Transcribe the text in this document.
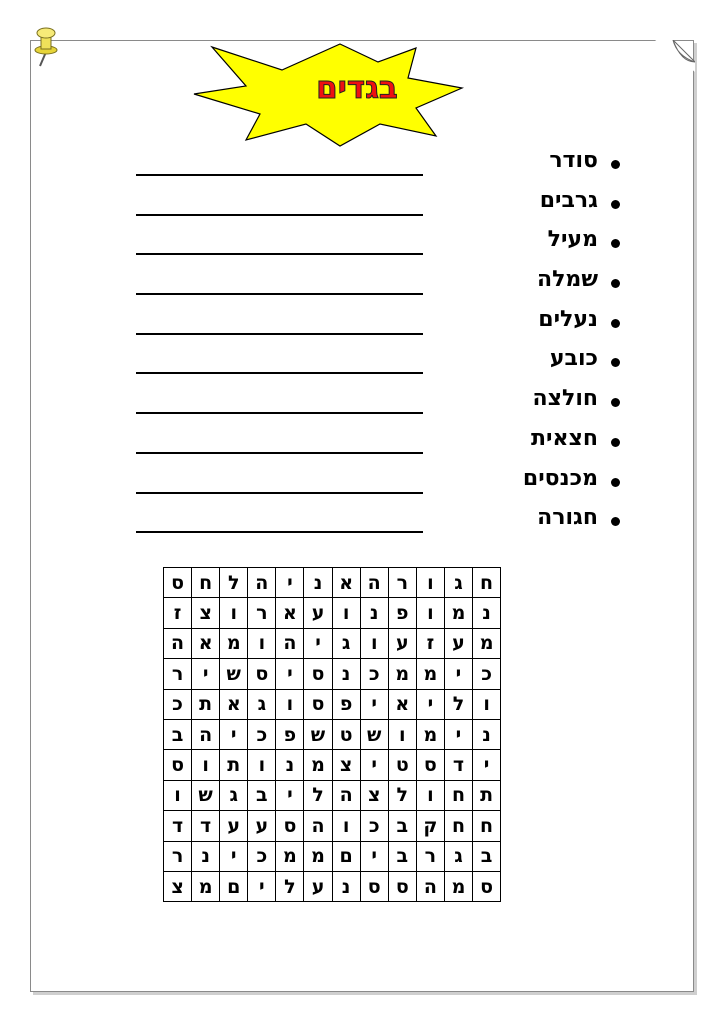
בגדים
סודר
גרבים
מעיל
שמלה
נעלים
כובע
חולצה
חצאית
מכנסים
חגורה
ח	ג	ו	ר	ה	א	נ	י	ה	ל	ח	ס
נ	מ	ו	פ	נ	ו	ע	א	ר	ו	צ	ז
מ	ע	ז	ע	ו	ג	י	ה	ו	מ	א	ה
כ	י	מ	מ	כ	נ	ס	י	ס	ש	י	ר
ו	ל	י	א	י	פ	ס	ו	ג	א	ת	כ
נ	י	מ	ו	ש	ט	ש	פ	כ	י	ה	ב
י	ד	ס	ט	י	צ	מ	נ	ו	ת	ו	ס
ת	ח	ו	ל	צ	ה	ל	י	ב	ג	ש	ו
ח	ח	ק	ב	כ	ו	ה	ס	ע	ע	ד	ד
ב	ג	ר	ב	י	ם	מ	מ	כ	י	נ	ר
ס	מ	ה	ס	ס	נ	ע	ל	י	ם	מ	צ
